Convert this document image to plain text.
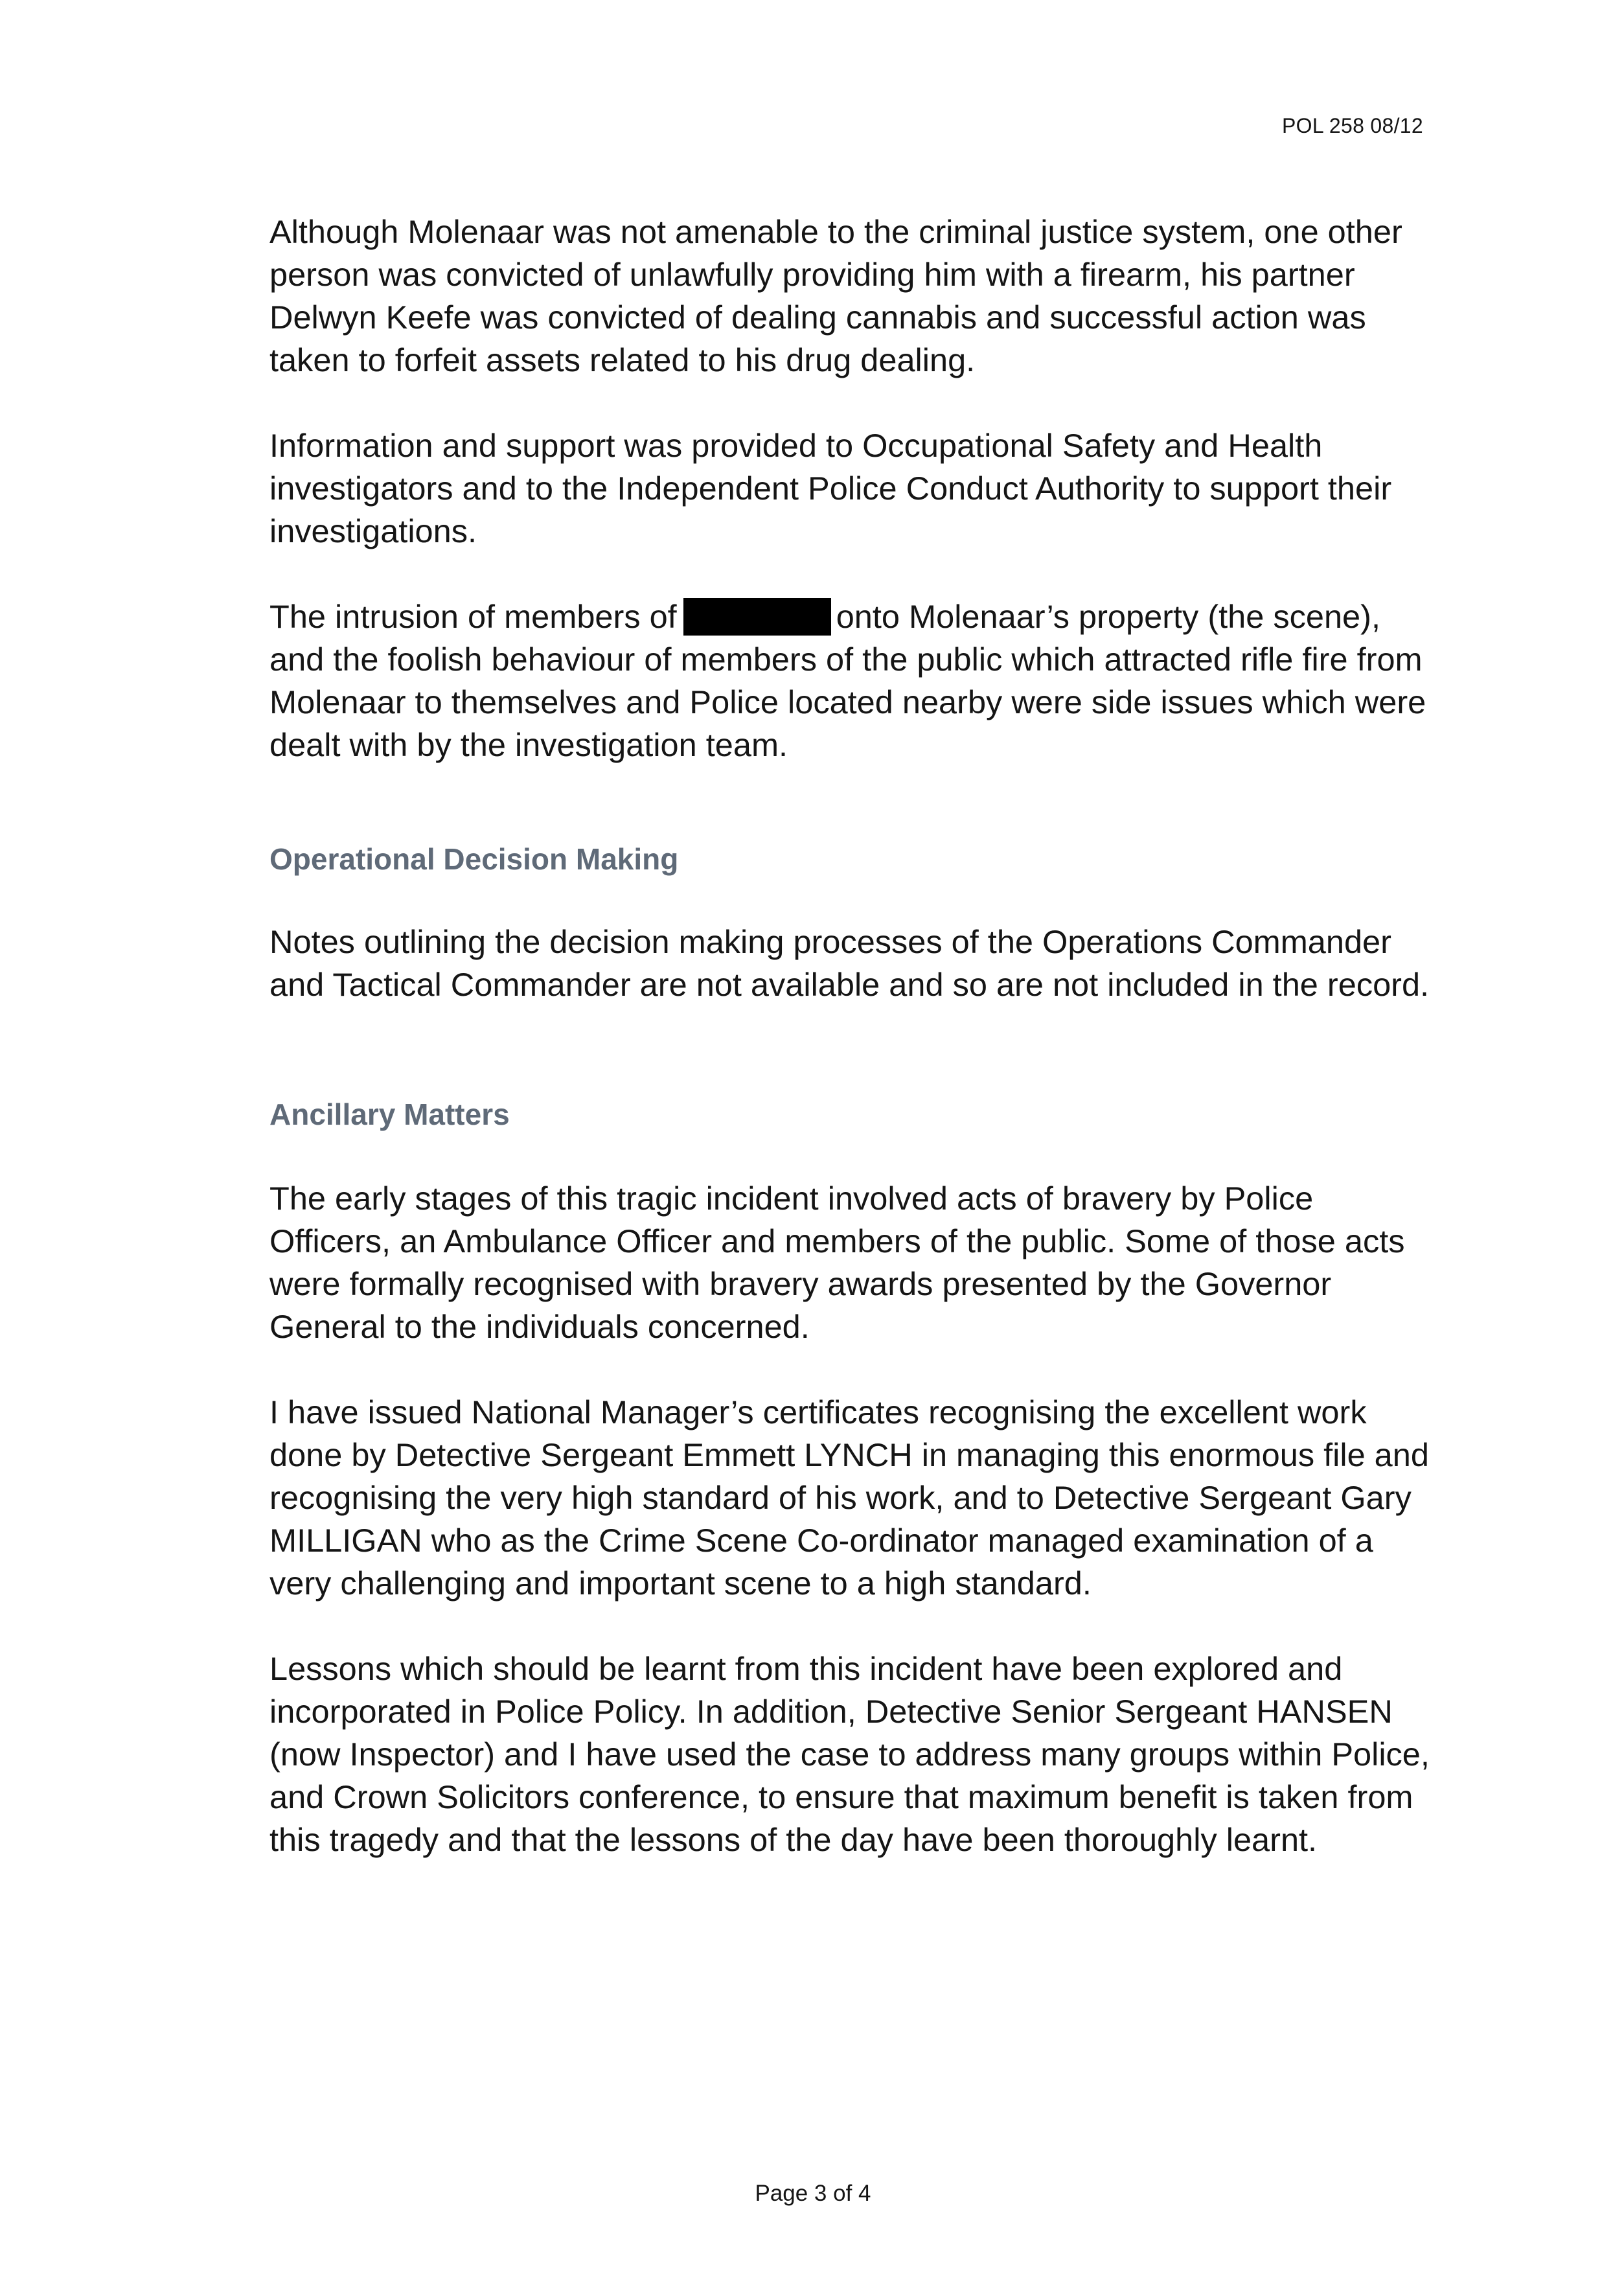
POL 258 08/12

Although Molenaar was not amenable to the criminal justice system, one other person was convicted of unlawfully providing him with a firearm, his partner Delwyn Keefe was convicted of dealing cannabis and successful action was taken to forfeit assets related to his drug dealing.

Information and support was provided to Occupational Safety and Health investigators and to the Independent Police Conduct Authority to support their investigations.

The intrusion of members of	onto Molenaar’s property (the scene), and the foolish behaviour of members of the public which attracted rifle fire from Molenaar to themselves and Police located nearby were side issues which were dealt with by the investigation team.

Operational Decision Making

Notes outlining the decision making processes of the Operations Commander and Tactical Commander are not available and so are not included in the record.

Ancillary Matters

The early stages of this tragic incident involved acts of bravery by Police Officers, an Ambulance Officer and members of the public. Some of those acts were formally recognised with bravery awards presented by the Governor General to the individuals concerned.

I have issued National Manager’s certificates recognising the excellent work done by Detective Sergeant Emmett LYNCH in managing this enormous file and recognising the very high standard of his work, and to Detective Sergeant Gary MILLIGAN who as the Crime Scene Co-ordinator managed examination of a very challenging and important scene to a high standard.

Lessons which should be learnt from this incident have been explored and incorporated in Police Policy. In addition, Detective Senior Sergeant HANSEN (now Inspector) and I have used the case to address many groups within Police, and Crown Solicitors conference, to ensure that maximum benefit is taken from this tragedy and that the lessons of the day have been thoroughly learnt.

Page 3 of 4
